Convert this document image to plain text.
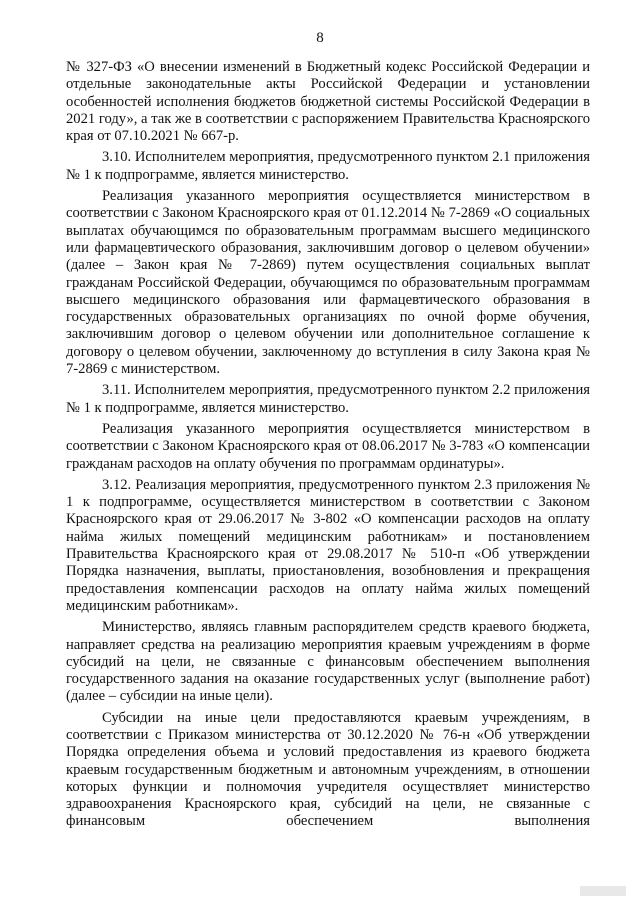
8

№ 327-ФЗ «О внесении изменений в Бюджетный кодекс Российской Федерации и отдельные законодательные акты Российской Федерации и установлении особенностей исполнения бюджетов бюджетной системы Российской Федерации в 2021 году», а так же в соответствии с распоряжением Правительства Красноярского края от 07.10.2021 № 667-р.

3.10. Исполнителем мероприятия, предусмотренного пунктом 2.1 приложения № 1 к подпрограмме, является министерство.

Реализация указанного мероприятия осуществляется министерством в соответствии с Законом Красноярского края от 01.12.2014 № 7-2869 «О социальных выплатах обучающимся по образовательным программам высшего медицинского или фармацевтического образования, заключившим договор о целевом обучении» (далее – Закон края № 7-2869) путем осуществления социальных выплат гражданам Российской Федерации, обучающимся по образовательным программам высшего медицинского образования или фармацевтического образования в государственных образовательных организациях по очной форме обучения, заключившим договор о целевом обучении или дополнительное соглашение к договору о целевом обучении, заключенному до вступления в силу Закона края № 7-2869 с министерством.

3.11. Исполнителем мероприятия, предусмотренного пунктом 2.2 приложения № 1 к подпрограмме, является министерство.

Реализация указанного мероприятия осуществляется министерством в соответствии с Законом Красноярского края от 08.06.2017 № 3-783 «О компенсации гражданам расходов на оплату обучения по программам ординатуры».

3.12. Реализация мероприятия, предусмотренного пунктом 2.3 приложения № 1 к подпрограмме, осуществляется министерством в соответствии с Законом Красноярского края от 29.06.2017 № 3-802 «О компенсации расходов на оплату найма жилых помещений медицинским работникам» и постановлением Правительства Красноярского края от 29.08.2017 № 510-п «Об утверждении Порядка назначения, выплаты, приостановления, возобновления и прекращения предоставления компенсации расходов на оплату найма жилых помещений медицинским работникам».

Министерство, являясь главным распорядителем средств краевого бюджета, направляет средства на реализацию мероприятия краевым учреждениям в форме субсидий на цели, не связанные с финансовым обеспечением выполнения государственного задания на оказание государственных услуг (выполнение работ) (далее – субсидии на иные цели).

Субсидии на иные цели предоставляются краевым учреждениям, в соответствии с Приказом министерства от 30.12.2020 № 76-н «Об утверждении Порядка определения объема и условий предоставления из краевого бюджета краевым государственным бюджетным и автономным учреждениям, в отношении которых функции и полномочия учредителя осуществляет министерство здравоохранения Красноярского края, субсидий на цели, не связанные с финансовым обеспечением выполнения
